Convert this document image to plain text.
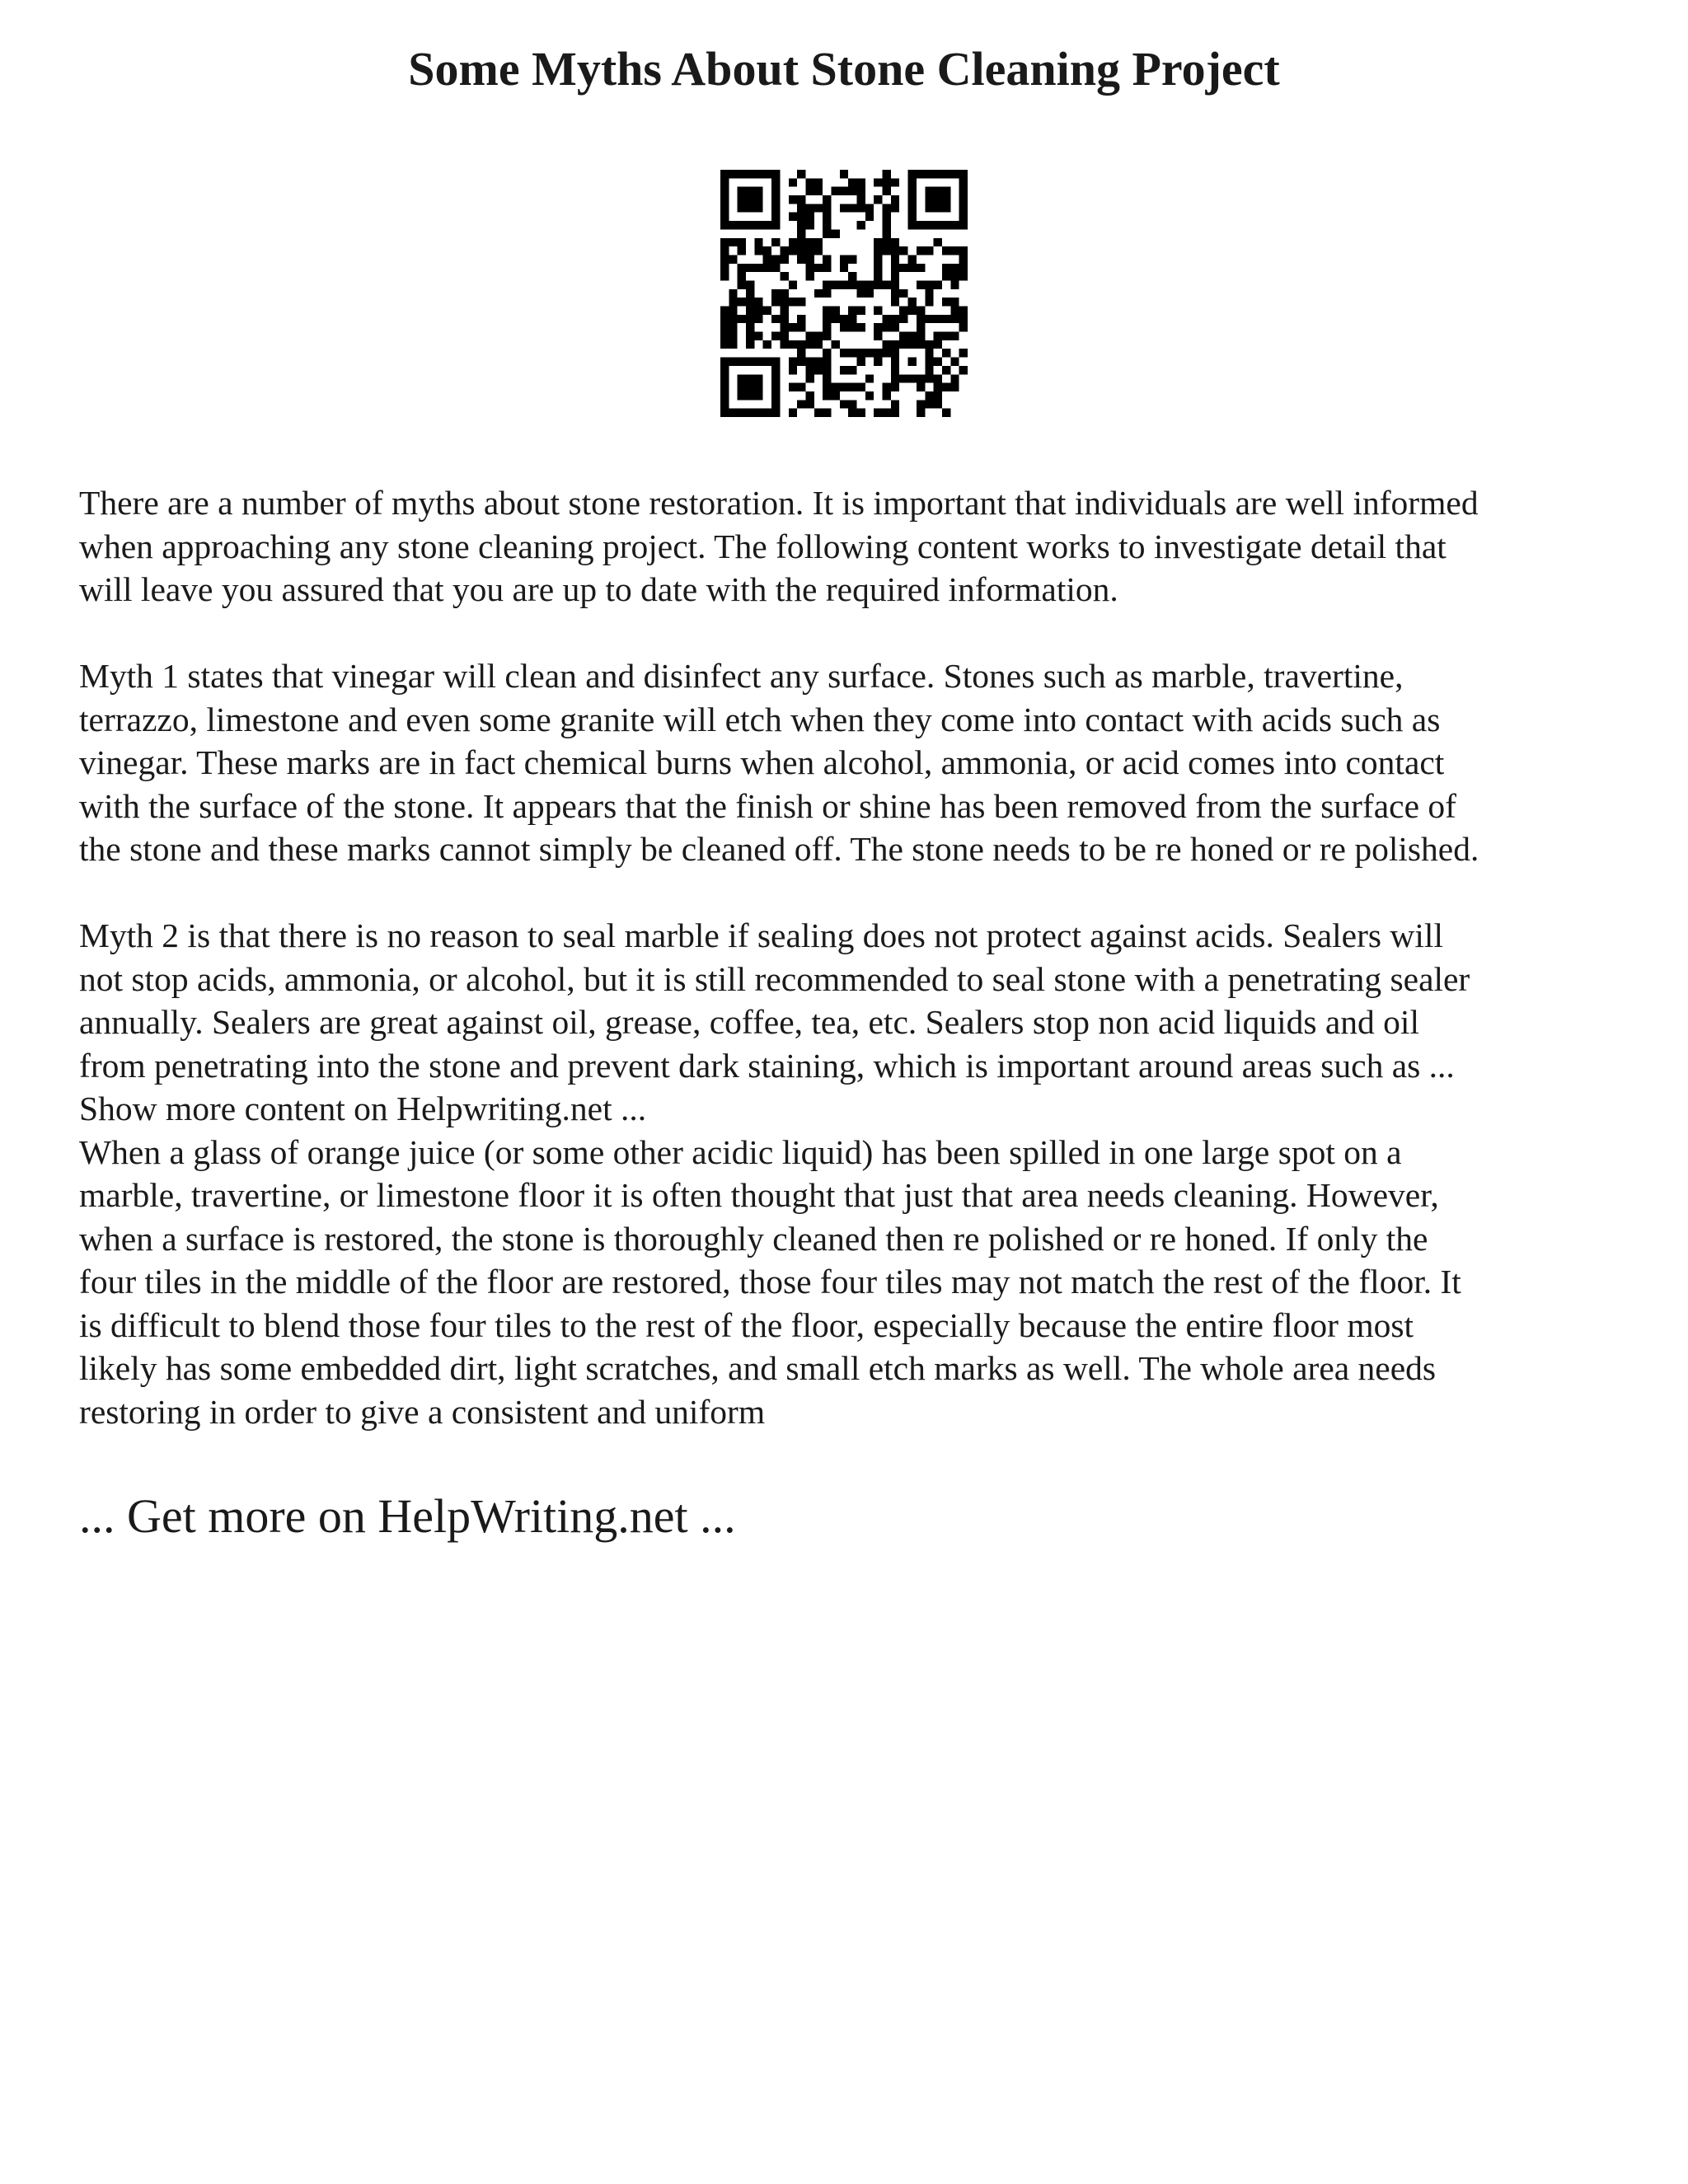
Some Myths About Stone Cleaning Project

There are a number of myths about stone restoration. It is important that individuals are well informed
when approaching any stone cleaning project. The following content works to investigate detail that
will leave you assured that you are up to date with the required information.

Myth 1 states that vinegar will clean and disinfect any surface. Stones such as marble, travertine,
terrazzo, limestone and even some granite will etch when they come into contact with acids such as
vinegar. These marks are in fact chemical burns when alcohol, ammonia, or acid comes into contact
with the surface of the stone. It appears that the finish or shine has been removed from the surface of
the stone and these marks cannot simply be cleaned off. The stone needs to be re honed or re polished.

Myth 2 is that there is no reason to seal marble if sealing does not protect against acids. Sealers will
not stop acids, ammonia, or alcohol, but it is still recommended to seal stone with a penetrating sealer
annually. Sealers are great against oil, grease, coffee, tea, etc. Sealers stop non acid liquids and oil
from penetrating into the stone and prevent dark staining, which is important around areas such as ...

Show more content on Helpwriting.net ...

When a glass of orange juice (or some other acidic liquid) has been spilled in one large spot on a
marble, travertine, or limestone floor it is often thought that just that area needs cleaning. However,
when a surface is restored, the stone is thoroughly cleaned then re polished or re honed. If only the
four tiles in the middle of the floor are restored, those four tiles may not match the rest of the floor. It
is difficult to blend those four tiles to the rest of the floor, especially because the entire floor most
likely has some embedded dirt, light scratches, and small etch marks as well. The whole area needs
restoring in order to give a consistent and uniform

... Get more on HelpWriting.net ...
